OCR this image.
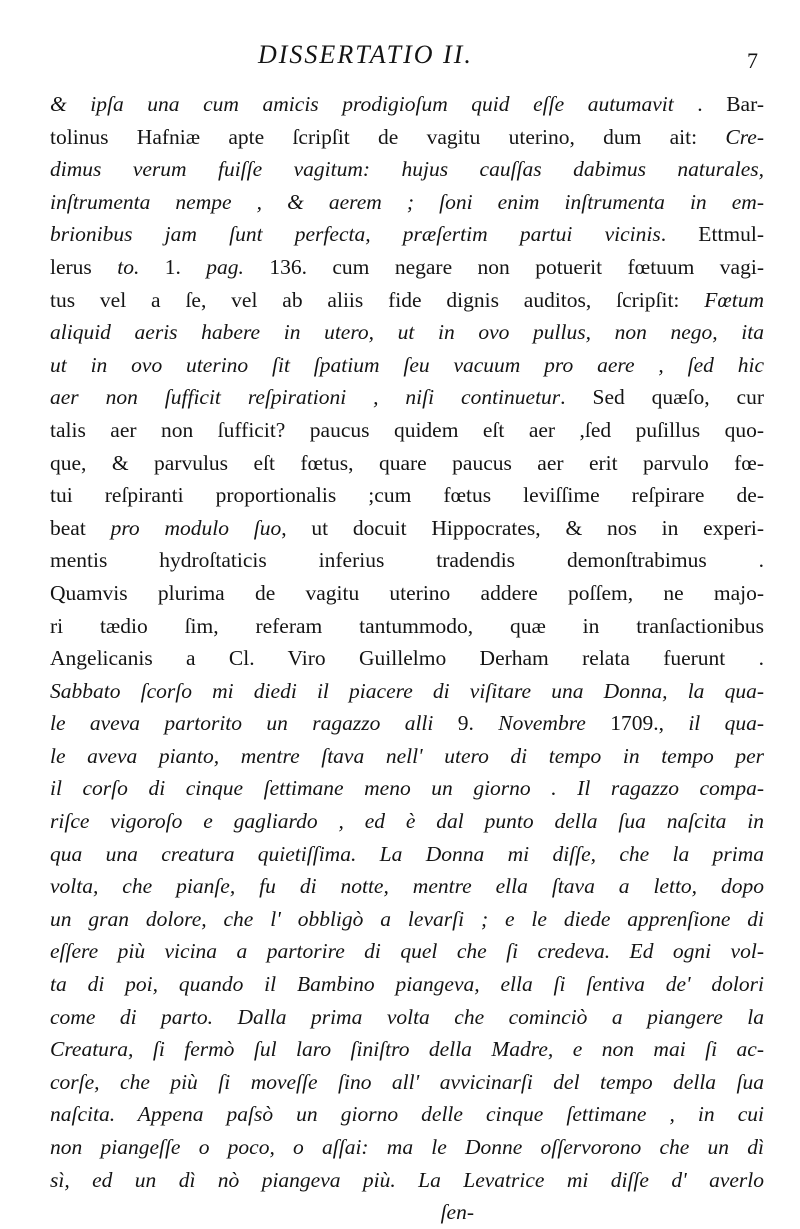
DISSERTATIO II.	7
& ipſa una cum amicis prodigioſum quid eſſe autumavit . Bar-
tolinus Hafniæ apte ſcripſit de vagitu uterino, dum ait: Cre-
dimus verum fuiſſe vagitum: hujus cauſſas dabimus naturales,
inſtrumenta nempe , & aerem ; ſoni enim inſtrumenta in em-
brionibus jam ſunt perfecta, præſertim partui vicinis. Ettmul-
lerus to. 1. pag. 136. cum negare non potuerit fœtuum vagi-
tus vel a ſe, vel ab aliis fide dignis auditos, ſcripſit: Fœtum
aliquid aeris habere in utero, ut in ovo pullus, non nego, ita
ut in ovo uterino ſit ſpatium ſeu vacuum pro aere , ſed hic
aer non ſufficit reſpirationi , niſi continuetur. Sed quæſo, cur
talis aer non ſufficit? paucus quidem eſt aer ,ſed puſillus quo-
que, & parvulus eſt fœtus, quare paucus aer erit parvulo fœ-
tui reſpiranti proportionalis ;cum fœtus leviſſime reſpirare de-
beat pro modulo ſuo, ut docuit Hippocrates, & nos in experi-
mentis hydroſtaticis inferius tradendis demonſtrabimus .
Quamvis plurima de vagitu uterino addere poſſem, ne majo-
ri tædio ſim, referam tantummodo, quæ in tranſactionibus
Angelicanis a Cl. Viro Guillelmo Derham relata fuerunt .
Sabbato ſcorſo mi diedi il piacere di viſitare una Donna, la qua-
le aveva partorito un ragazzo alli 9. Novembre 1709., il qua-
le aveva pianto, mentre ſtava nell' utero di tempo in tempo per
il corſo di cinque ſettimane meno un giorno . Il ragazzo compa-
riſce vigoroſo e gagliardo , ed è dal punto della ſua naſcita in
qua una creatura quietiſſima. La Donna mi diſſe, che la prima
volta, che pianſe, fu di notte, mentre ella ſtava a letto, dopo
un gran dolore, che l' obbligò a levarſi ; e le diede apprenſione di
eſſere più vicina a partorire di quel che ſi credeva. Ed ogni vol-
ta di poi, quando il Bambino piangeva, ella ſi ſentiva de' dolori
come di parto. Dalla prima volta che cominciò a piangere la
Creatura, ſi fermò ſul laro ſiniſtro della Madre, e non mai ſi ac-
corſe, che più ſi moveſſe ſino all' avvicinarſi del tempo della ſua
naſcita. Appena paſsò un giorno delle cinque ſettimane , in cui
non piangeſſe o poco, o aſſai: ma le Donne oſſervorono che un dì
sì, ed un dì nò piangeva più. La Levatrice mi diſſe d' averlo
ſen-
